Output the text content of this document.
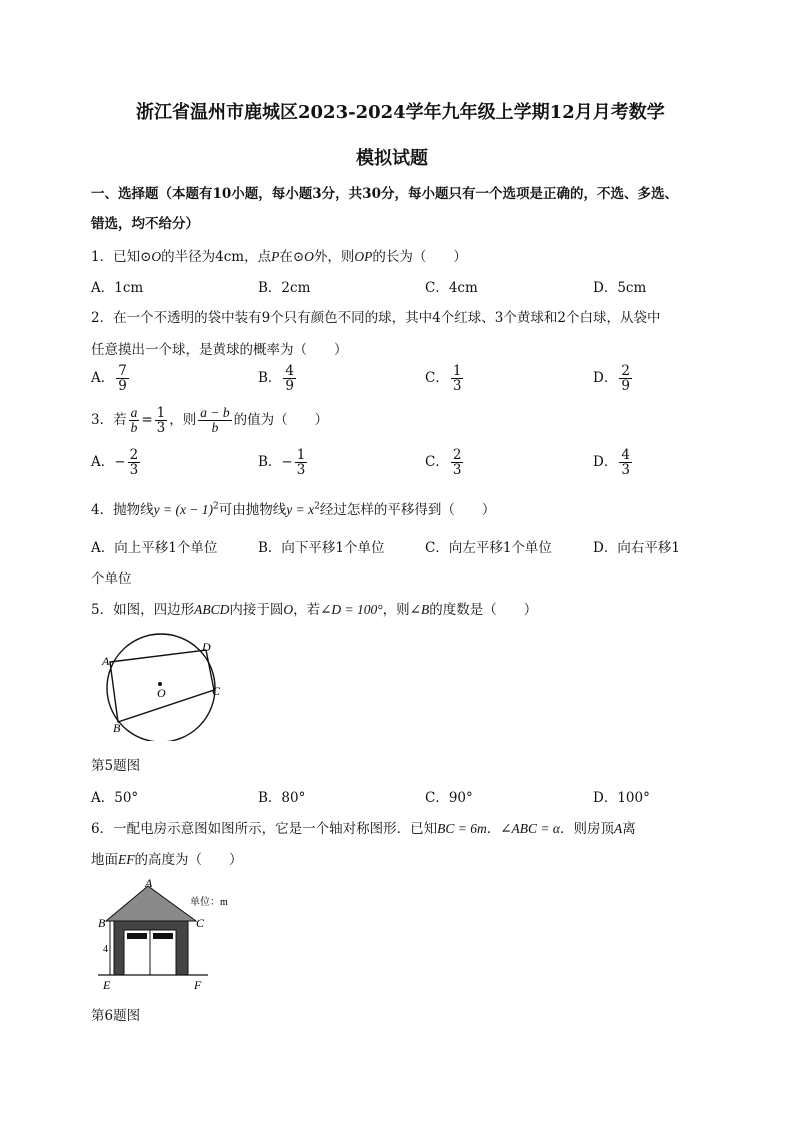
浙江省温州市鹿城区2023-2024学年九年级上学期12月月考数学
模拟试题
一、选择题（本题有10小题，每小题3分，共30分，每小题只有一个选项是正确的，不选、多选、
错选，均不给分）
1．已知⊙O的半径为4cm，点P在⊙O外，则OP的长为（　　）
A．1cm	B．2cm	C．4cm	D．5cm
2．在一个不透明的袋中装有9个只有颜色不同的球，其中4个红球、3个黄球和2个白球，从袋中
任意摸出一个球，是黄球的概率为（　　）
A． $\frac{7}{9}$	B． $\frac{4}{9}$	C． $\frac{1}{3}$	D． $\frac{2}{9}$
3．若 $\frac{a}{b} = \frac{1}{3}$ ，则 $\frac{a - b}{b}$ 的值为（　　）
A．− $\frac{2}{3}$	B．− $\frac{1}{3}$	C． $\frac{2}{3}$	D． $\frac{4}{3}$
4．抛物线$y = (x - 1)^2$可由抛物线$y = x^2$经过怎样的平移得到（　　）
A．向上平移1个单位	B．向下平移1个单位	C．向左平移1个单位	D．向右平移1
个单位
5．如图，四边形ABCD内接于圆O，若∠D = 100°，则∠B的度数是（　　）
A
D
C
B
O
第5题图
A．50°	B．80°	C．90°	D．100°
6．一配电房示意图如图所示，它是一个轴对称图形．已知BC = 6m．∠ABC = α．则房顶A离
地面EF的高度为（　　）
4
A
B	C
E	F
单位：m
第6题图
